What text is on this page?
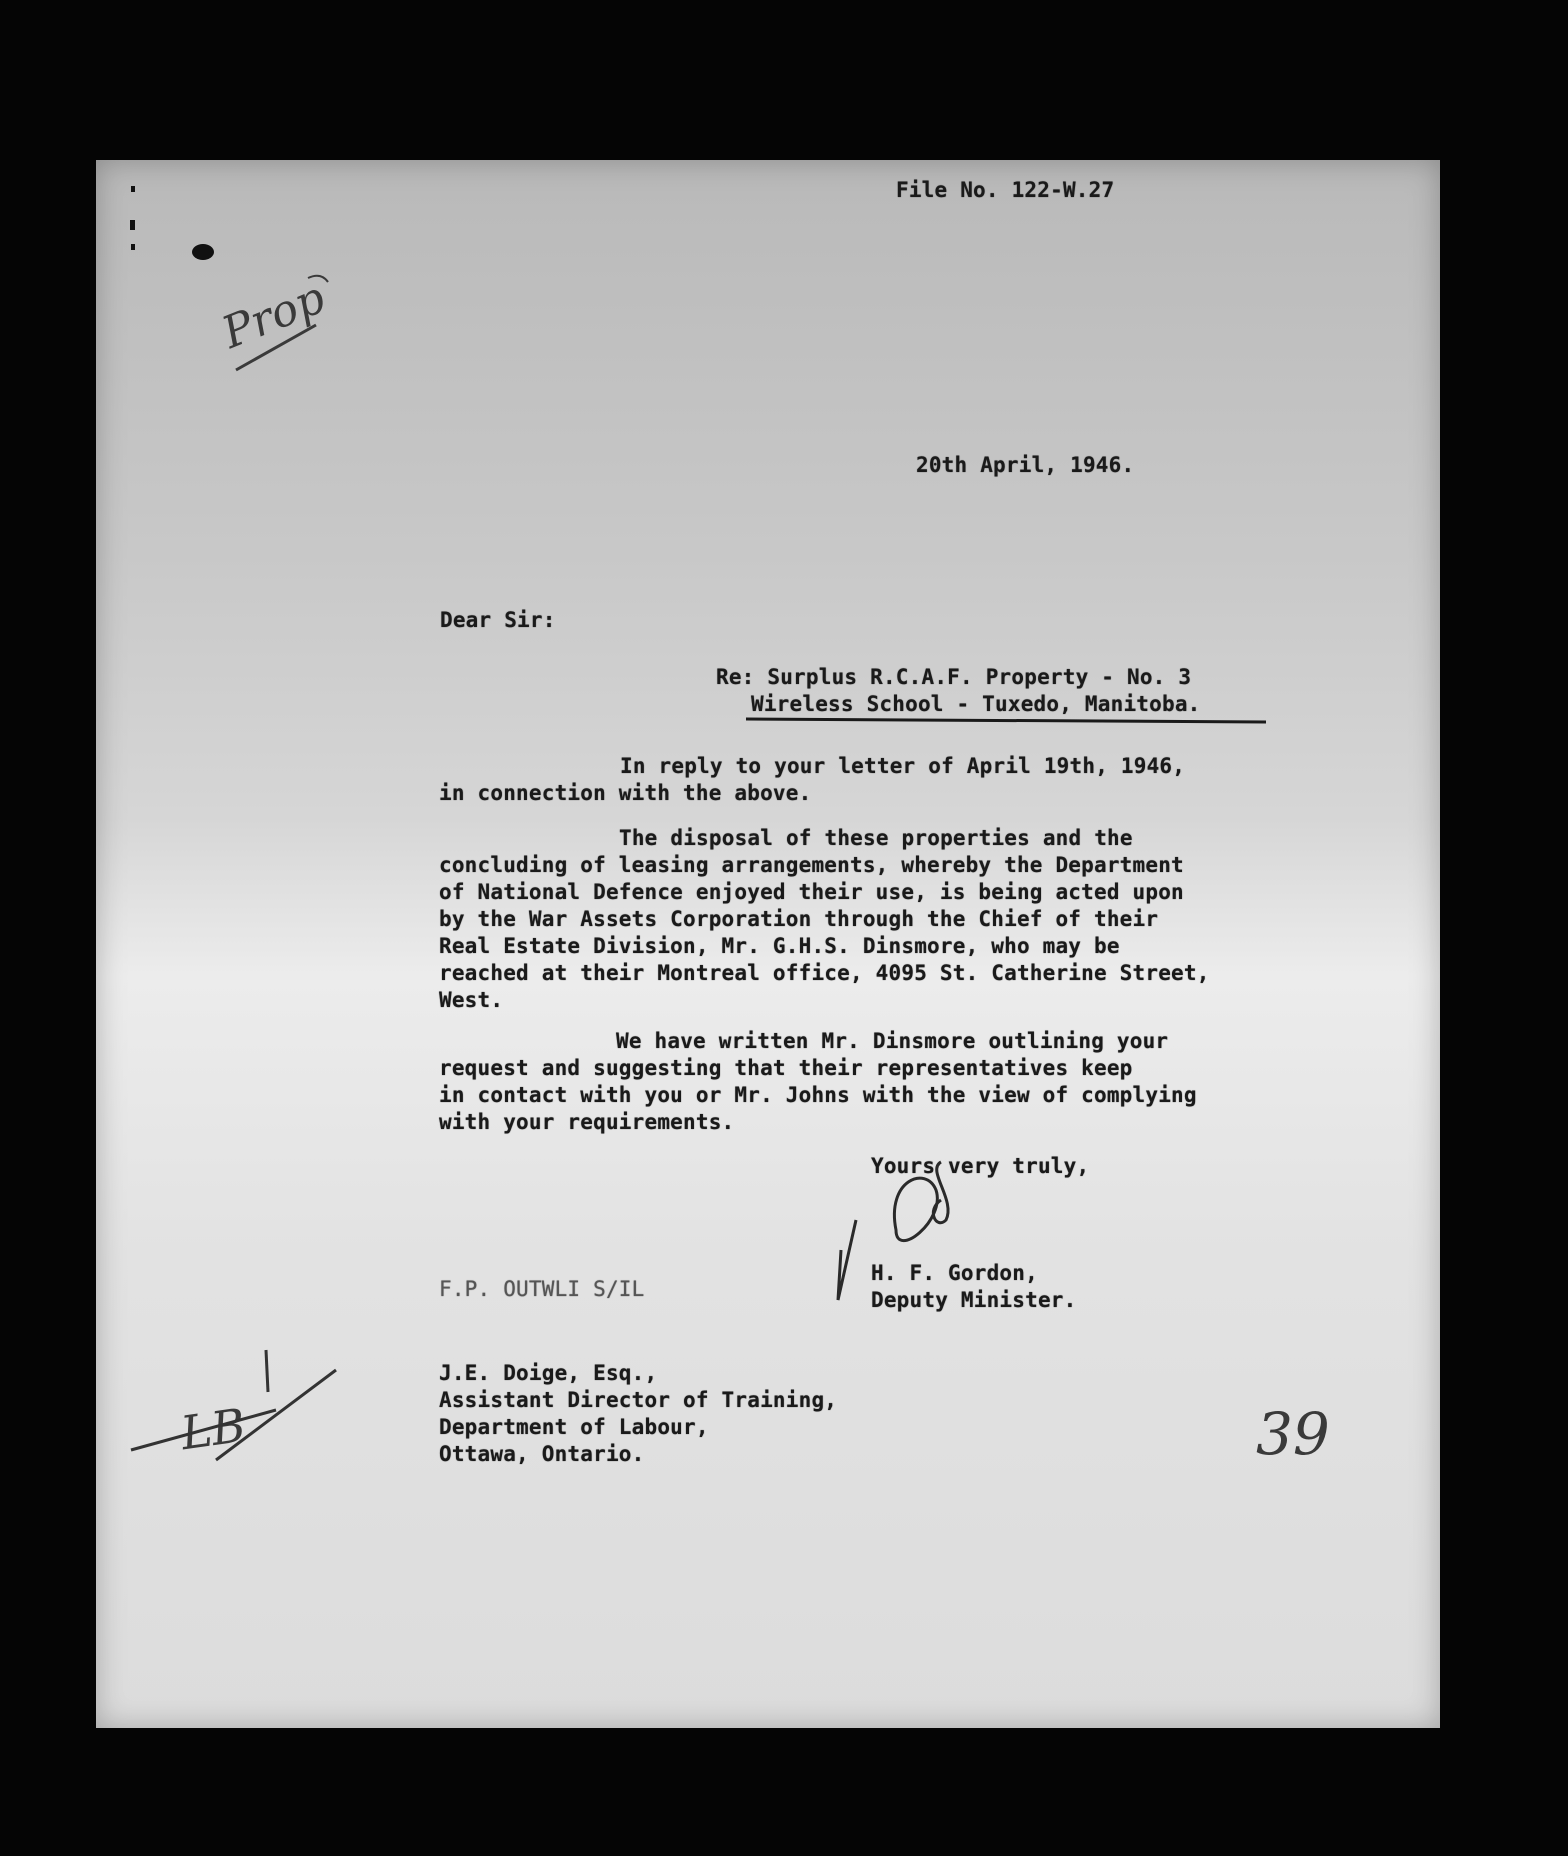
File No. 122-W.27
Prop
20th April, 1946.
Dear Sir:
Re: Surplus R.C.A.F. Property - No. 3
Wireless School - Tuxedo, Manitoba.
In reply to your letter of April 19th, 1946,
in connection with the above.
The disposal of these properties and the
concluding of leasing arrangements, whereby the Department
of National Defence enjoyed their use, is being acted upon
by the War Assets Corporation through the Chief of their
Real Estate Division, Mr. G.H.S. Dinsmore, who may be
reached at their Montreal office, 4095 St. Catherine Street,
West.
We have written Mr. Dinsmore outlining your
request and suggesting that their representatives keep
in contact with you or Mr. Johns with the view of complying
with your requirements.
Yours very truly,
H. F. Gordon,
Deputy Minister.
F.P. OUTWLI S/IL
J.E. Doige, Esq.,
Assistant Director of Training,
Department of Labour,
Ottawa, Ontario.
LB	39
